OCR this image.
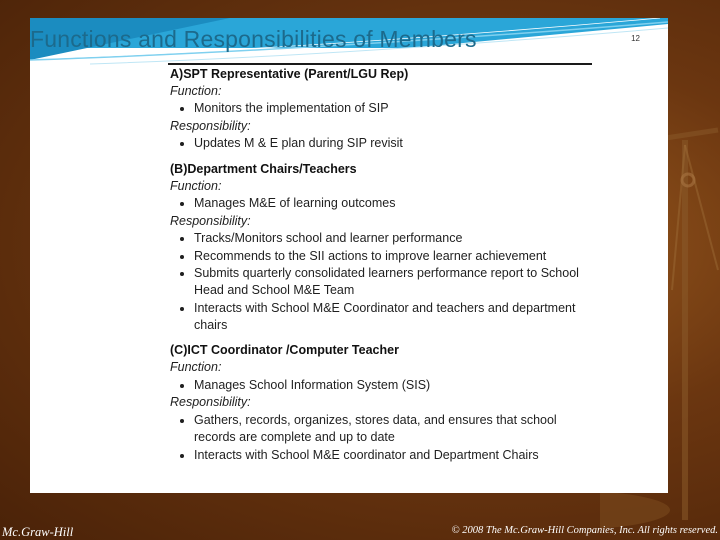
Functions and Responsibilities of Members	12
A)SPT Representative (Parent/LGU Rep)
Function:
Monitors the implementation of SIP
Responsibility:
Updates M & E plan during SIP revisit
(B)Department Chairs/Teachers
Function:
Manages M&E of learning outcomes
Responsibility:
Tracks/Monitors school and learner performance
Recommends to the SII actions to improve learner achievement
Submits quarterly consolidated learners performance report to School
Head and School M&E Team
Interacts with School M&E Coordinator and teachers and department
chairs
(C)ICT Coordinator /Computer Teacher
Function:
Manages School Information System (SIS)
Responsibility:
Gathers, records, organizes, stores data, and ensures that school
records are complete and up to date
Interacts with School M&E coordinator and Department Chairs
Mc.Graw-Hill	© 2008 The Mc.Graw-Hill Companies, Inc. All rights reserved.
